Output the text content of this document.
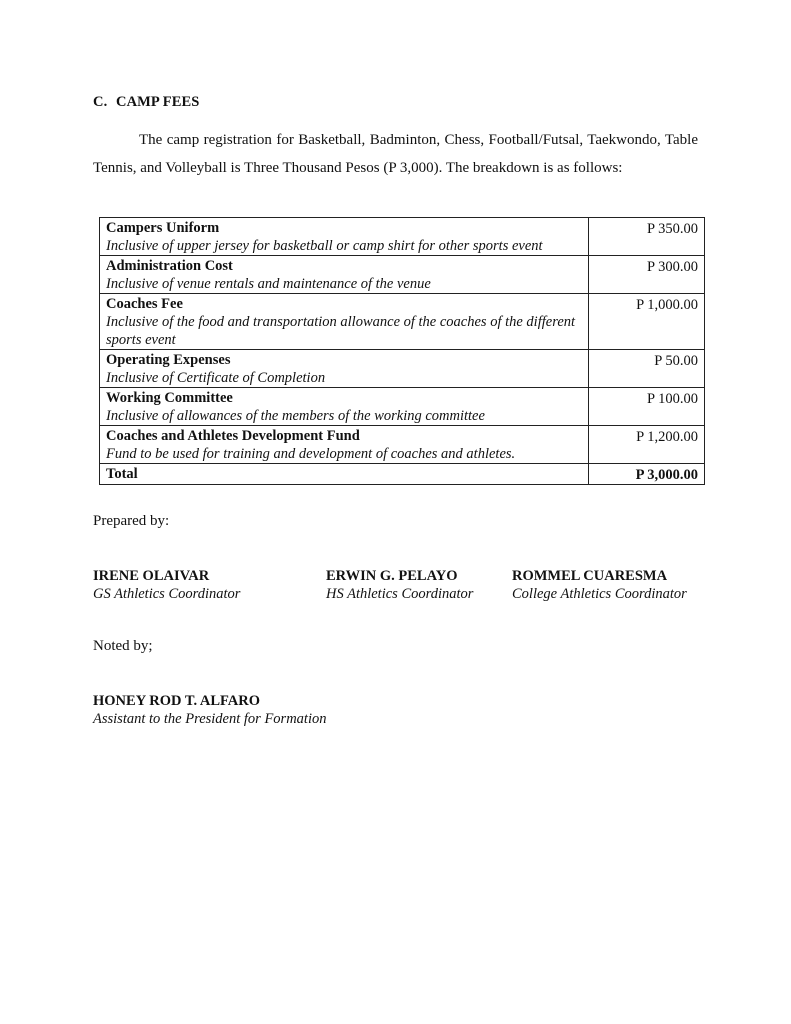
C. CAMP FEES

The camp registration for Basketball, Badminton, Chess, Football/Futsal, Taekwondo, Table Tennis, and Volleyball is Three Thousand Pesos (P 3,000). The breakdown is as follows:

Campers Uniform
Inclusive of upper jersey for basketball or camp shirt for other sports event	P 350.00

Administration Cost
Inclusive of venue rentals and maintenance of the venue	P 300.00

Coaches Fee
Inclusive of the food and transportation allowance of the coaches of the different sports event	P 1,000.00

Operating Expenses
Inclusive of Certificate of Completion	P 50.00

Working Committee
Inclusive of allowances of the members of the working committee	P 100.00

Coaches and Athletes Development Fund
Fund to be used for training and development of coaches and athletes.	P 1,200.00
Total	P 3,000.00
Prepared by:
IRENE OLAIVAR
GS Athletics Coordinator
ERWIN G. PELAYO
HS Athletics Coordinator
ROMMEL CUARESMA
College Athletics Coordinator
Noted by;
HONEY ROD T. ALFARO
Assistant to the President for Formation
